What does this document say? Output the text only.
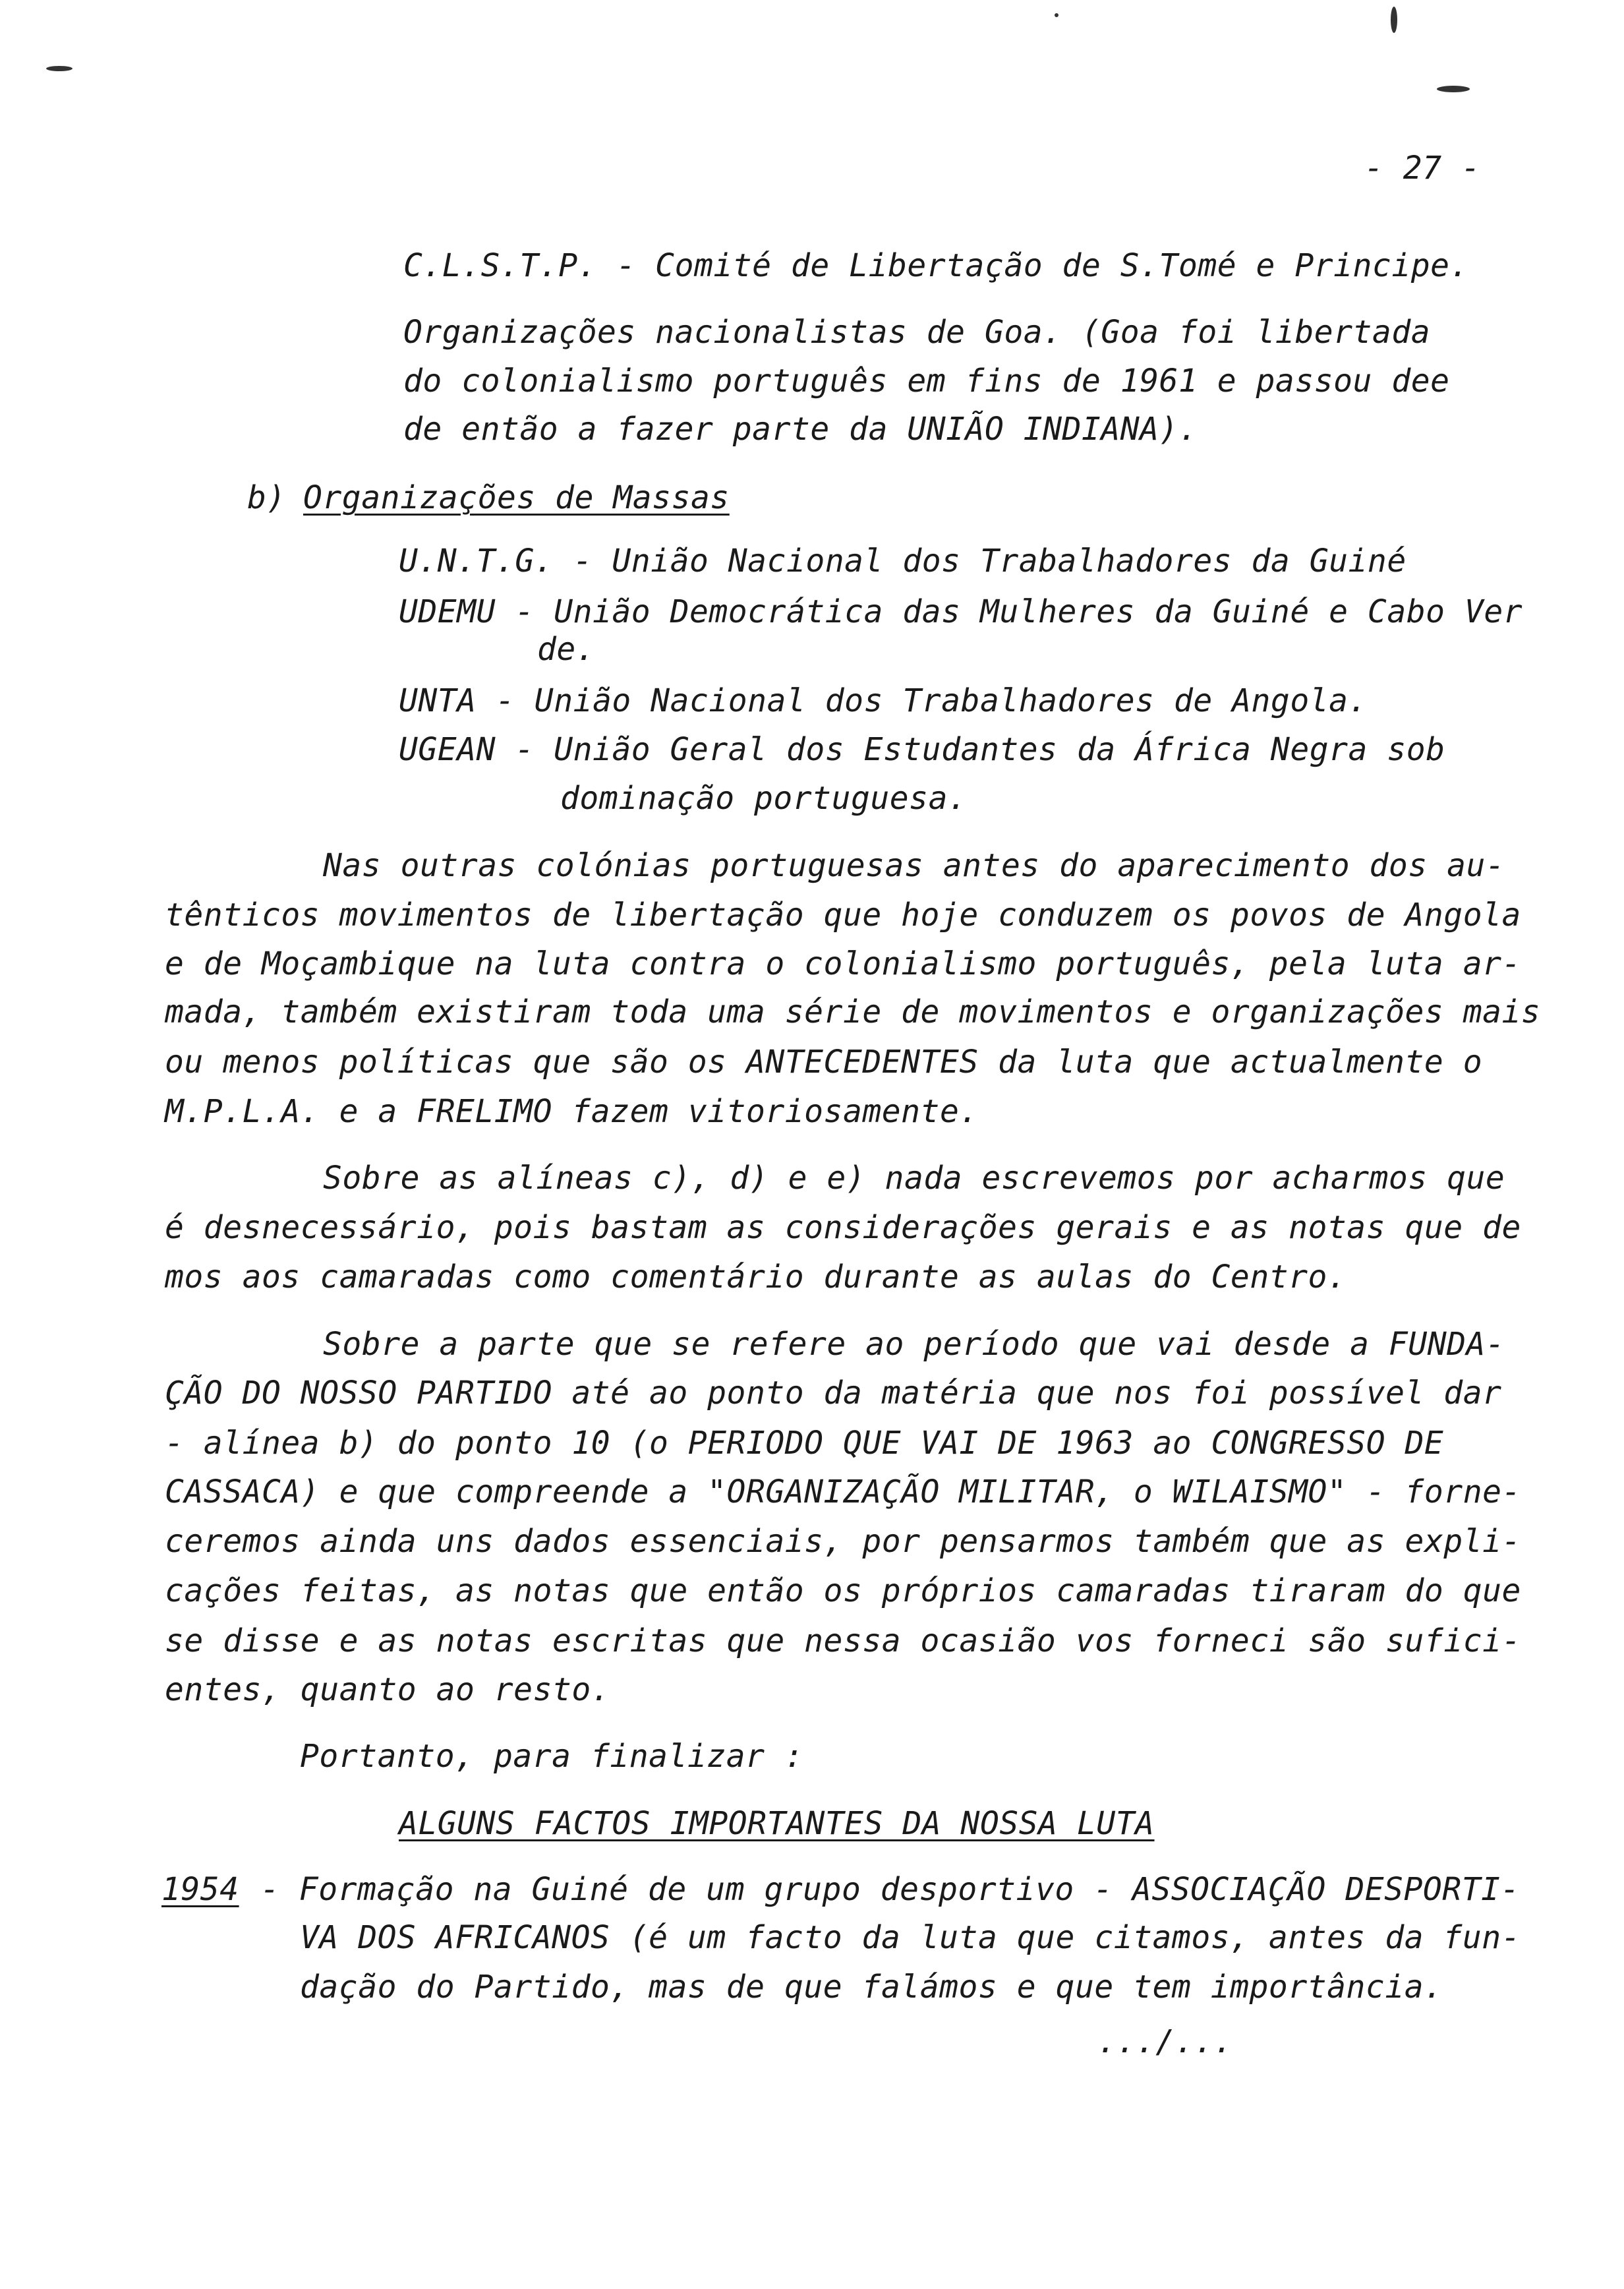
- 27 -
C.L.S.T.P. - Comité de Libertação de S.Tomé e Principe.
Organizações nacionalistas de Goa. (Goa foi libertada
do colonialismo português em fins de 1961 e passou dee
de então a fazer parte da UNIÃO INDIANA).
b) Organizações de Massas
U.N.T.G. - União Nacional dos Trabalhadores da Guiné
UDEMU - União Democrática das Mulheres da Guiné e Cabo Ver
de.
UNTA - União Nacional dos Trabalhadores de Angola.
UGEAN - União Geral dos Estudantes da África Negra sob
dominação portuguesa.
Nas outras colónias portuguesas antes do aparecimento dos au-
tênticos movimentos de libertação que hoje conduzem os povos de Angola
e de Moçambique na luta contra o colonialismo português, pela luta ar-
mada, também existiram toda uma série de movimentos e organizações mais
ou menos políticas que são os ANTECEDENTES da luta que actualmente o
M.P.L.A. e a FRELIMO fazem vitoriosamente.
Sobre as alíneas c), d) e e) nada escrevemos por acharmos que
é desnecessário, pois bastam as considerações gerais e as notas que de
mos aos camaradas como comentário durante as aulas do Centro.
Sobre a parte que se refere ao período que vai desde a FUNDA-
ÇÃO DO NOSSO PARTIDO até ao ponto da matéria que nos foi possível dar
- alínea b) do ponto 10 (o PERIODO QUE VAI DE 1963 ao CONGRESSO DE
CASSACA) e que compreende a "ORGANIZAÇÃO MILITAR, o WILAISMO" - forne-
ceremos ainda uns dados essenciais, por pensarmos também que as expli-
cações feitas, as notas que então os próprios camaradas tiraram do que
se disse e as notas escritas que nessa ocasião vos forneci são sufici-
entes, quanto ao resto.
Portanto, para finalizar :
ALGUNS FACTOS IMPORTANTES DA NOSSA LUTA
1954 - Formação na Guiné de um grupo desportivo - ASSOCIAÇÃO DESPORTI-
VA DOS AFRICANOS (é um facto da luta que citamos, antes da fun-
dação do Partido, mas de que falámos e que tem importância.
.../...
